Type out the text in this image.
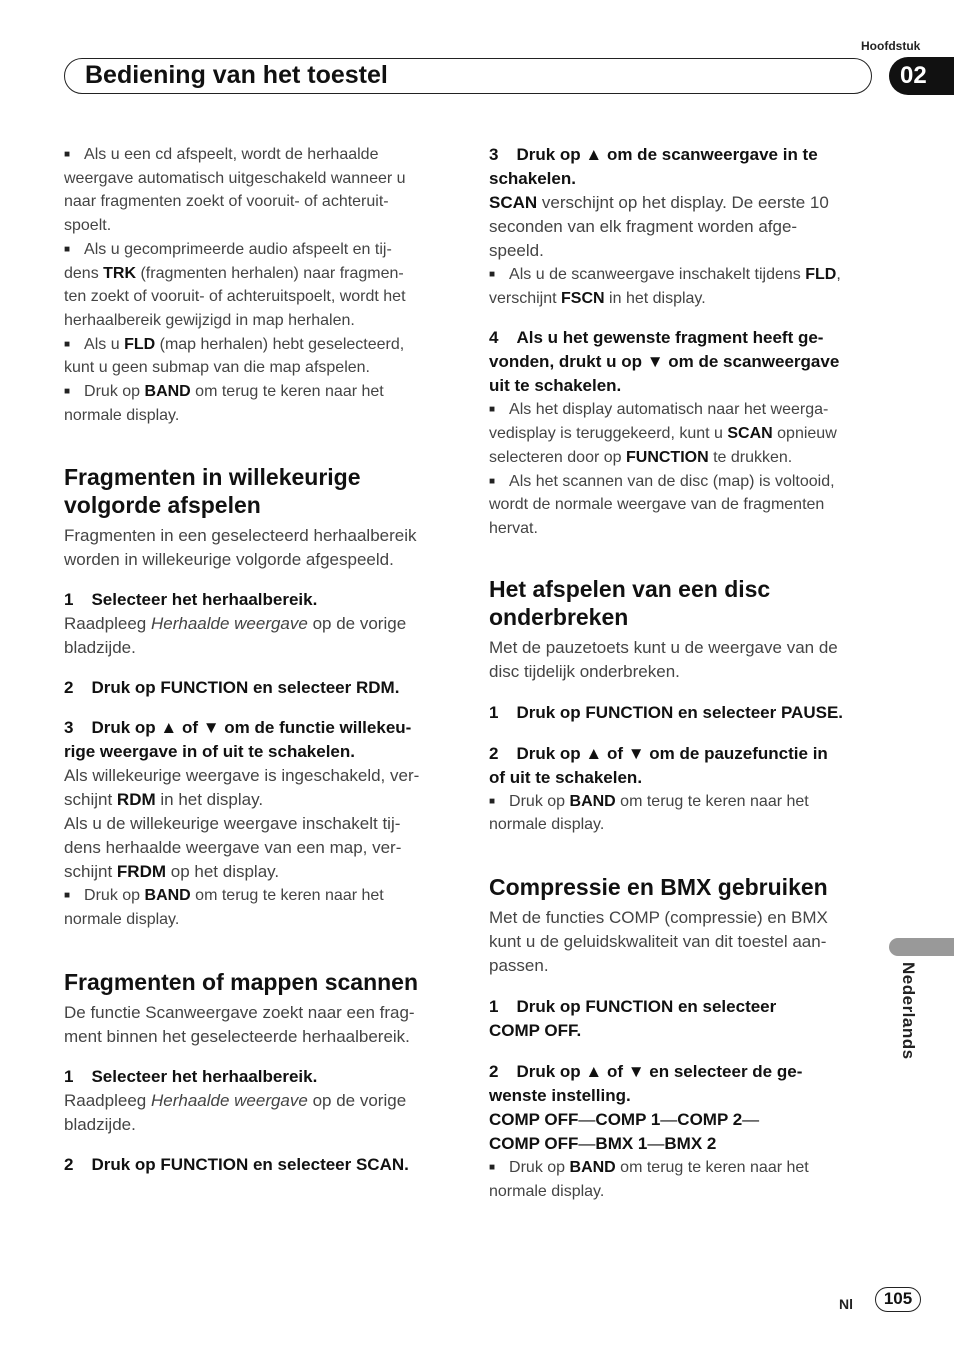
Hoofdstuk
Bediening van het toestel	02

■ Als u een cd afspeelt, wordt de herhaalde
weergave automatisch uitgeschakeld wanneer u
naar fragmenten zoekt of vooruit- of achteruit-
spoelt.

■ Als u gecomprimeerde audio afspeelt en tij-
dens TRK (fragmenten herhalen) naar fragmen-
ten zoekt of vooruit- of achteruitspoelt, wordt het
herhaalbereik gewijzigd in map herhalen.

■ Als u FLD (map herhalen) hebt geselecteerd,
kunt u geen submap van die map afspelen.

■ Druk op BAND om terug te keren naar het
normale display.

Fragmenten in willekeurige
volgorde afspelen

Fragmenten in een geselecteerd herhaalbereik
worden in willekeurige volgorde afgespeeld.

1 Selecteer het herhaalbereik.

Raadpleeg Herhaalde weergave op de vorige
bladzijde.

2 Druk op FUNCTION en selecteer RDM.

3 Druk op ▲ of ▼ om de functie willekeu-
rige weergave in of uit te schakelen.

Als willekeurige weergave is ingeschakeld, ver-
schijnt RDM in het display.
Als u de willekeurige weergave inschakelt tij-
dens herhaalde weergave van een map, ver-
schijnt FRDM op het display.

■ Druk op BAND om terug te keren naar het
normale display.

Fragmenten of mappen scannen

De functie Scanweergave zoekt naar een frag-
ment binnen het geselecteerde herhaalbereik.

1 Selecteer het herhaalbereik.

Raadpleeg Herhaalde weergave op de vorige
bladzijde.

2 Druk op FUNCTION en selecteer SCAN.

3 Druk op ▲ om de scanweergave in te
schakelen.

SCAN verschijnt op het display. De eerste 10
seconden van elk fragment worden afge-
speeld.

■ Als u de scanweergave inschakelt tijdens FLD,
verschijnt FSCN in het display.

4 Als u het gewenste fragment heeft ge-
vonden, drukt u op ▼ om de scanweergave
uit te schakelen.

■ Als het display automatisch naar het weerga-
vedisplay is teruggekeerd, kunt u SCAN opnieuw
selecteren door op FUNCTION te drukken.

■ Als het scannen van de disc (map) is voltooid,
wordt de normale weergave van de fragmenten
hervat.

Het afspelen van een disc
onderbreken

Met de pauzetoets kunt u de weergave van de
disc tijdelijk onderbreken.

1 Druk op FUNCTION en selecteer PAUSE.

2 Druk op ▲ of ▼ om de pauzefunctie in
of uit te schakelen.

■ Druk op BAND om terug te keren naar het
normale display.

Compressie en BMX gebruiken

Met de functies COMP (compressie) en BMX
kunt u de geluidskwaliteit van dit toestel aan-
passen.

1 Druk op FUNCTION en selecteer
COMP OFF.

2 Druk op ▲ of ▼ en selecteer de ge-
wenste instelling.

COMP OFF—COMP 1—COMP 2—
COMP OFF—BMX 1—BMX 2

■ Druk op BAND om terug te keren naar het
normale display.

Nederlands
Nl	105
